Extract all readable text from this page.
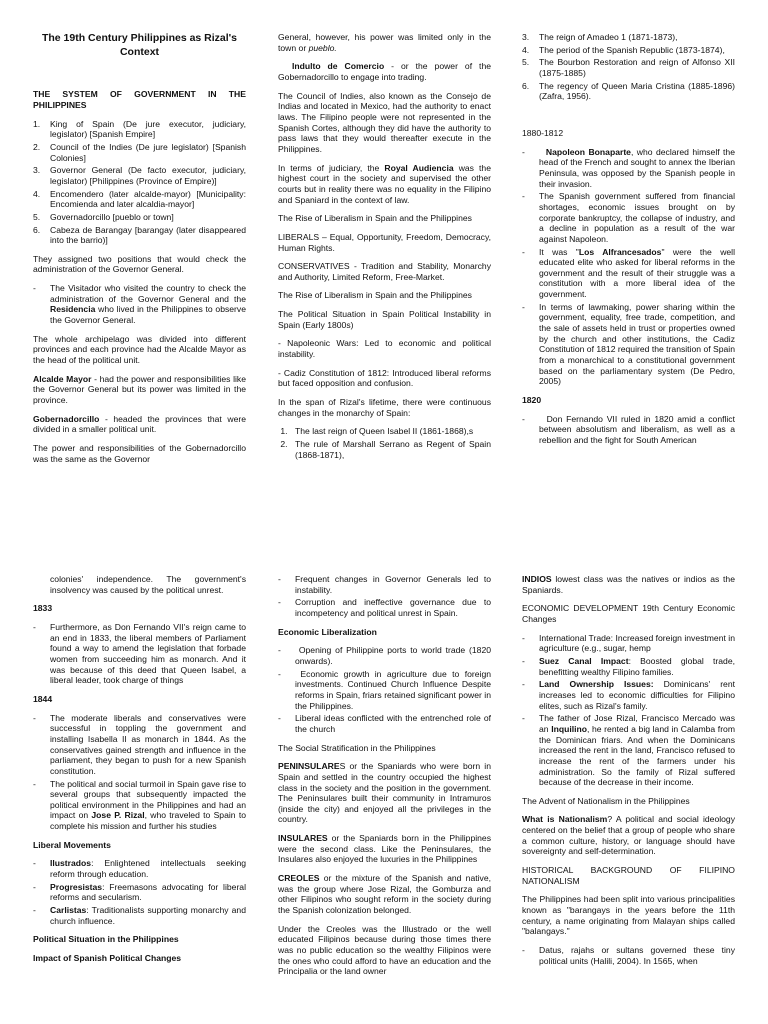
The 19th Century Philippines as Rizal's Context

THE SYSTEM OF GOVERNMENT IN THE PHILIPPINES

1. King of Spain (De jure executor, judiciary, legislator) [Spanish Empire]
2. Council of the Indies (De jure legislator) [Spanish Colonies]
3. Governor General (De facto executor, judiciary, legislator) [Philippines (Province of Empire)]
4. Encomendero (later alcalde-mayor) [Municipality: Encomienda and later alcaldia-mayor]
5. Governadorcillo [pueblo or town]
6. Cabeza de Barangay [barangay (later disappeared into the barrio)]

They assigned two positions that would check the administration of the Governor General.

- The Visitador who visited the country to check the administration of the Governor General and the Residencia who lived in the Philippines to observe the Governor General.

The whole archipelago was divided into different provinces and each province had the Alcalde Mayor as the head of the political unit.

Alcalde Mayor - had the power and responsibilities like the Governor General but its power was limited in the province.

Gobernadorcillo - headed the provinces that were divided in a smaller political unit.

The power and responsibilities of the Gobernadorcillo was the same as the Governor

General, however, his power was limited only in the town or pueblo.

Indulto de Comercio - or the power of the Gobernadorcillo to engage into trading.

The Council of Indies, also known as the Consejo de Indias and located in Mexico, had the authority to enact laws. The Filipino people were not represented in the Spanish Cortes, although they did have the authority to pass laws that they would thereafter execute in the Philippines.

In terms of judiciary, the Royal Audiencia was the highest court in the society and supervised the other courts but in reality there was no equality in the Filipino and Spaniard in the context of law.

The Rise of Liberalism in Spain and the Philippines

LIBERALS – Equal, Opportunity, Freedom, Democracy, Human Rights.

CONSERVATIVES - Tradition and Stability, Monarchy and Authority, Limited Reform, Free-Market.

The Rise of Liberalism in Spain and the Philippines

The Political Situation in Spain Political Instability in Spain (Early 1800s)

- Napoleonic Wars: Led to economic and political instability.

- Cadiz Constitution of 1812: Introduced liberal reforms but faced opposition and confusion.

In the span of Rizal's lifetime, there were continuous changes in the monarchy of Spain:

1. The last reign of Queen Isabel II (1861-1868),s
2. The rule of Marshall Serrano as Regent of Spain (1868-1871),
3. The reign of Amadeo 1 (1871-1873),
4. The period of the Spanish Republic (1873-1874),
5. The Bourbon Restoration and reign of Alfonso XII (1875-1885)
6. The regency of Queen Maria Cristina (1885-1896) (Zafra, 1956).

1880-1812

- Napoleon Bonaparte, who declared himself the head of the French and sought to annex the Iberian Peninsula, was opposed by the Spanish people in their invasion.
- The Spanish government suffered from financial shortages, economic issues brought on by corporate bankruptcy, the collapse of industry, and a decline in population as a result of the war against Napoleon.
- It was "Los Alfrancesados" were the well educated elite who asked for liberal reforms in the government and the result of their struggle was a constitution with a more liberal idea of the government.
- In terms of lawmaking, power sharing within the government, equality, free trade, competition, and the sale of assets held in trust or properties owned by the church and other institutions, the Cadiz Constitution of 1812 required the transition of Spain from a monarchical to a constitutional government based on the parliamentary system (De Pedro, 2005)

1820

-	Don Fernando VII ruled in 1820 amid a conflict between absolutism and liberalism, as well as a rebellion and the fight for South American

colonies' independence. The government's insolvency was caused by the political unrest.

1833

- Furthermore, as Don Fernando VII's reign came to an end in 1833, the liberal members of Parliament found a way to amend the legislation that forbade women from succeeding him as monarch. And it was because of this deed that Queen Isabel, a liberal leader, took charge of things

1844

- The moderate liberals and conservatives were successful in toppling the government and installing Isabella II as monarch in 1844. As the conservatives gained strength and influence in the parliament, they began to push for a new Spanish constitution.
- The political and social turmoil in Spain gave rise to several groups that subsequently impacted the political environment in the Philippines and had an impact on Jose P. Rizal, who traveled to Spain to complete his mission and further his studies

Liberal Movements

- Ilustrados: Enlightened intellectuals seeking reform through education.
- Progresistas: Freemasons advocating for liberal reforms and secularism.
- Carlistas: Traditionalists supporting monarchy and church influence.

Political Situation in the Philippines

Impact of Spanish Political Changes

- Frequent changes in Governor Generals led to instability.
- Corruption and ineffective governance due to incompetency and political unrest in Spain.

Economic Liberalization

- Opening of Philippine ports to world trade (1820 onwards).
- Economic growth in agriculture due to foreign investments. Continued Church Influence Despite reforms in Spain, friars retained significant power in the Philippines.
- Liberal ideas conflicted with the entrenched role of the church

The Social Stratification in the Philippines

PENINSULARES or the Spaniards who were born in Spain and settled in the country occupied the highest class in the society and the position in the government. The Peninsulares built their community in Intramuros (inside the city) and enjoyed all the privileges in the country.

INSULARES or the Spaniards born in the Philippines were the second class. Like the Peninsulares, the Insulares also enjoyed the luxuries in the Philippines

CREOLES or the mixture of the Spanish and native, was the group where Jose Rizal, the Gomburza and other Filipinos who sought reform in the society during the Spanish colonization belonged.

Under the Creoles was the Illustrado or the well educated Filipinos because during those times there was no public education so the wealthy Filipinos were the ones who could afford to have an education and the Principalia or the land owner

INDIOS lowest class was the natives or indios as the Spaniards.

ECONOMIC DEVELOPMENT 19th Century Economic Changes

- International Trade: Increased foreign investment in agriculture (e.g., sugar, hemp
- Suez Canal Impact: Boosted global trade, benefitting wealthy Filipino families.
- Land Ownership Issues: Dominicans' rent increases led to economic difficulties for Filipino elites, such as Rizal's family.
- The father of Jose Rizal, Francisco Mercado was an Inquilino, he rented a big land in Calamba from the Dominican friars. And when the Dominicans increased the rent in the land, Francisco refused to increase the rent of the farmers under his administration. So the family of Rizal suffered because of the decrease in their income.

The Advent of Nationalism in the Philippines

What is Nationalism? A political and social ideology centered on the belief that a group of people who share a common culture, history, or language should have sovereignty and self-determination.

HISTORICAL BACKGROUND OF FILIPINO NATIONALISM

The Philippines had been split into various principalities known as "barangays in the years before the 11th century, a name originating from Malayan ships called "balangays."

- Datus, rajahs or sultans governed these tiny political units (Halili, 2004). In 1565, when
